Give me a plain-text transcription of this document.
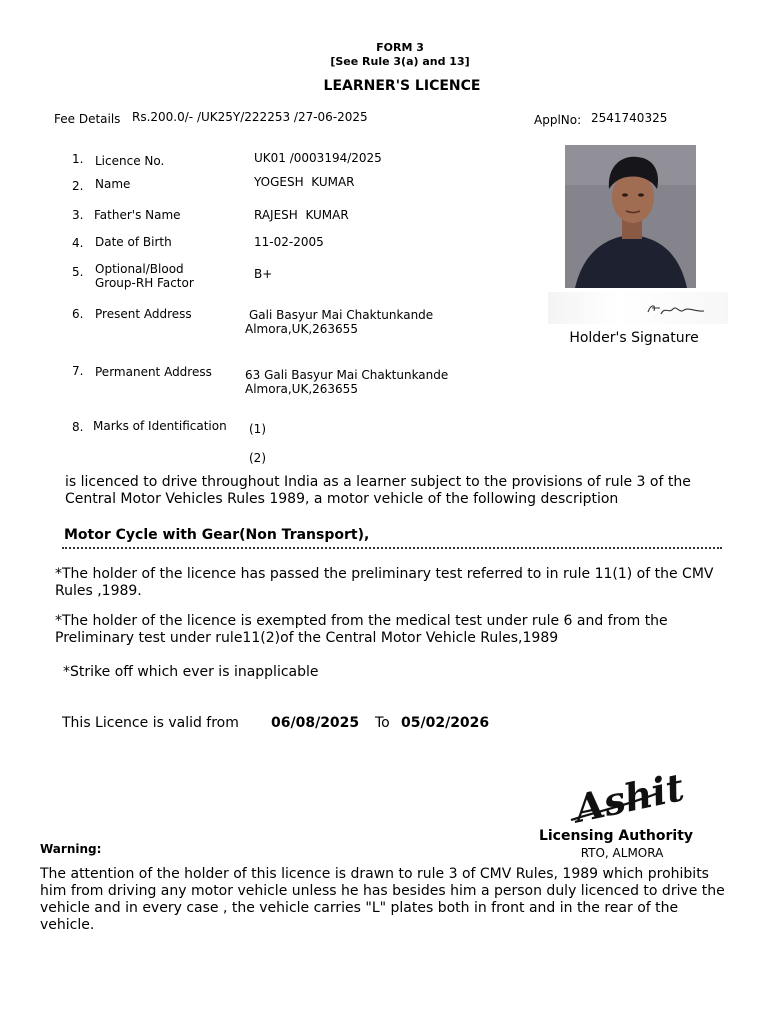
FORM 3
[See Rule 3(a) and 13]
LEARNER'S LICENCE
Fee Details Rs.200.0/- /UK25Y/222253 /27-06-2025	ApplNo: 2541740325
1. Licence No.	UK01 /0003194/2025
2. Name	YOGESH  KUMAR
3. Father's Name	RAJESH  KUMAR
4. Date of Birth	11-02-2005
5. Optional/Blood
Group-RH Factor
B+
6. Present Address	Gali Basyur Mai Chaktunkande
Almora,UK,263655
7. Permanent Address	63 Gali Basyur Mai Chaktunkande
Almora,UK,263655
8. Marks of Identification (1)
(2)
Holder's Signature
is licenced to drive throughout India as a learner subject to the provisions of rule 3 of the Central Motor Vehicles Rules 1989, a motor vehicle of the following description
Motor Cycle with Gear(Non Transport),
*The holder of the licence has passed the preliminary test referred to in rule 11(1) of the CMV Rules ,1989.
*The holder of the licence is exempted from the medical test under rule 6 and from the Preliminary test under rule11(2)of the Central Motor Vehicle Rules,1989
*Strike off which ever is inapplicable
This Licence is valid from 06/08/2025 To 05/02/2026
Ashit
Licensing Authority
RTO, ALMORA
Warning:
The attention of the holder of this licence is drawn to rule 3 of CMV Rules, 1989 which prohibits him from driving any motor vehicle unless he has besides him a person duly licenced to drive the vehicle and in every case , the vehicle carries "L" plates both in front and in the rear of the vehicle.
